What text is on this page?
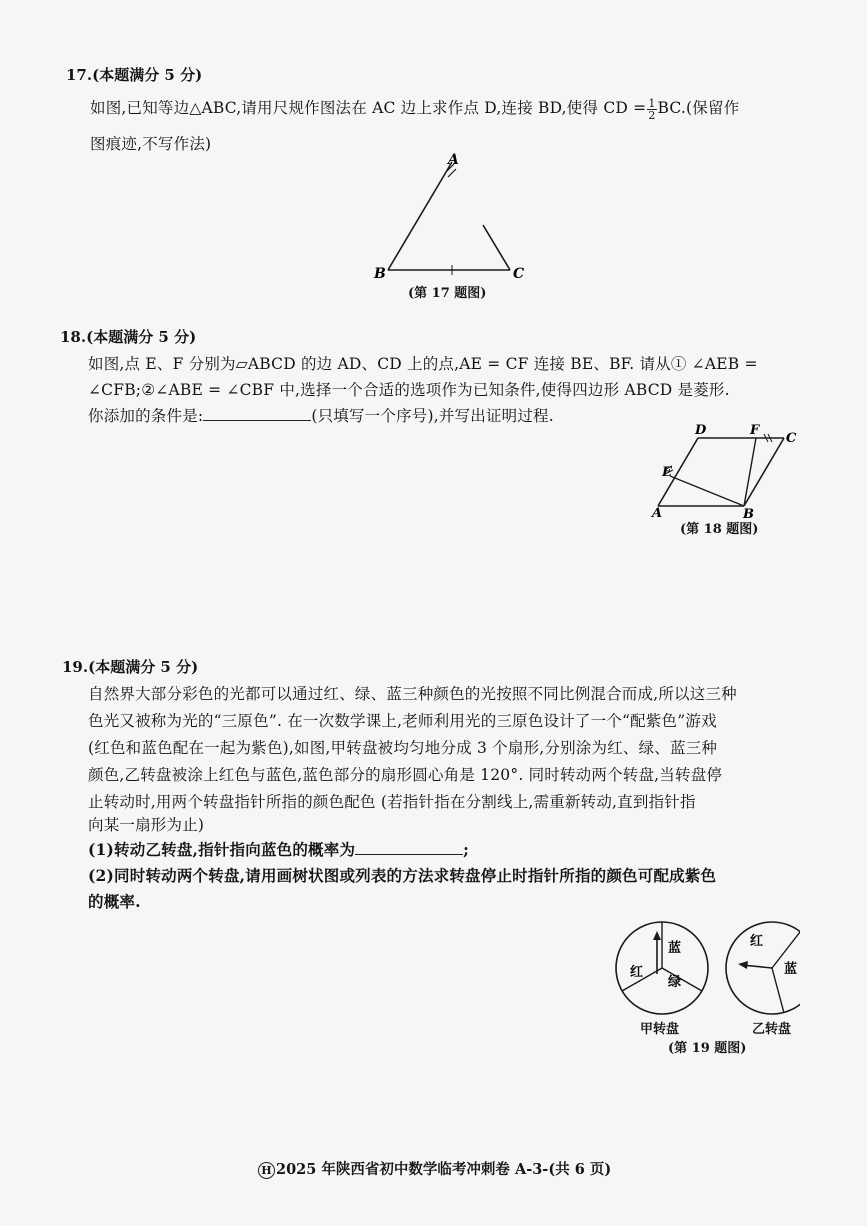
17.(本题满分 5 分)
如图,已知等边△ABC,请用尺规作图法在 AC 边上求作点 D,连接 BD,使得 CD = $\frac{1}{2} BC$.(保留作
图痕迹,不写作法)
A
B	C
(第 17 题图)
18.(本题满分 5 分)
如图,点 E、F 分别为▱ABCD 的边 AD、CD 上的点,AE = CF 连接 BE、BF. 请从① ∠AEB =
∠CFB;②∠ABE = ∠CBF 中,选择一个合适的选项作为已知条件,使得四边形 ABCD 是菱形.
你添加的条件是:	(只填写一个序号),并写出证明过程.
A	B
C
D
E
F
(第 18 题图)
19.(本题满分 5 分)
自然界大部分彩色的光都可以通过红、绿、蓝三种颜色的光按照不同比例混合而成,所以这三种
色光又被称为光的“三原色”. 在一次数学课上,老师利用光的三原色设计了一个“配紫色”游戏
(红色和蓝色配在一起为紫色),如图,甲转盘被均匀地分成 3 个扇形,分别涂为红、绿、蓝三种
颜色,乙转盘被涂上红色与蓝色,蓝色部分的扇形圆心角是 120°. 同时转动两个转盘,当转盘停
止转动时,用两个转盘指针所指的颜色配色 (若指针指在分割线上,需重新转动,直到指针指
向某一扇形为止)
(1)转动乙转盘,指针指向蓝色的概率为	;
(2)同时转动两个转盘,请用画树状图或列表的方法求转盘停止时指针所指的颜色可配成紫色
的概率.
蓝
红
绿
甲转盘
红
蓝
乙转盘
(第 19 题图)
H 2025 年陕西省初中数学临考冲刺卷 A-3-(共 6 页)
